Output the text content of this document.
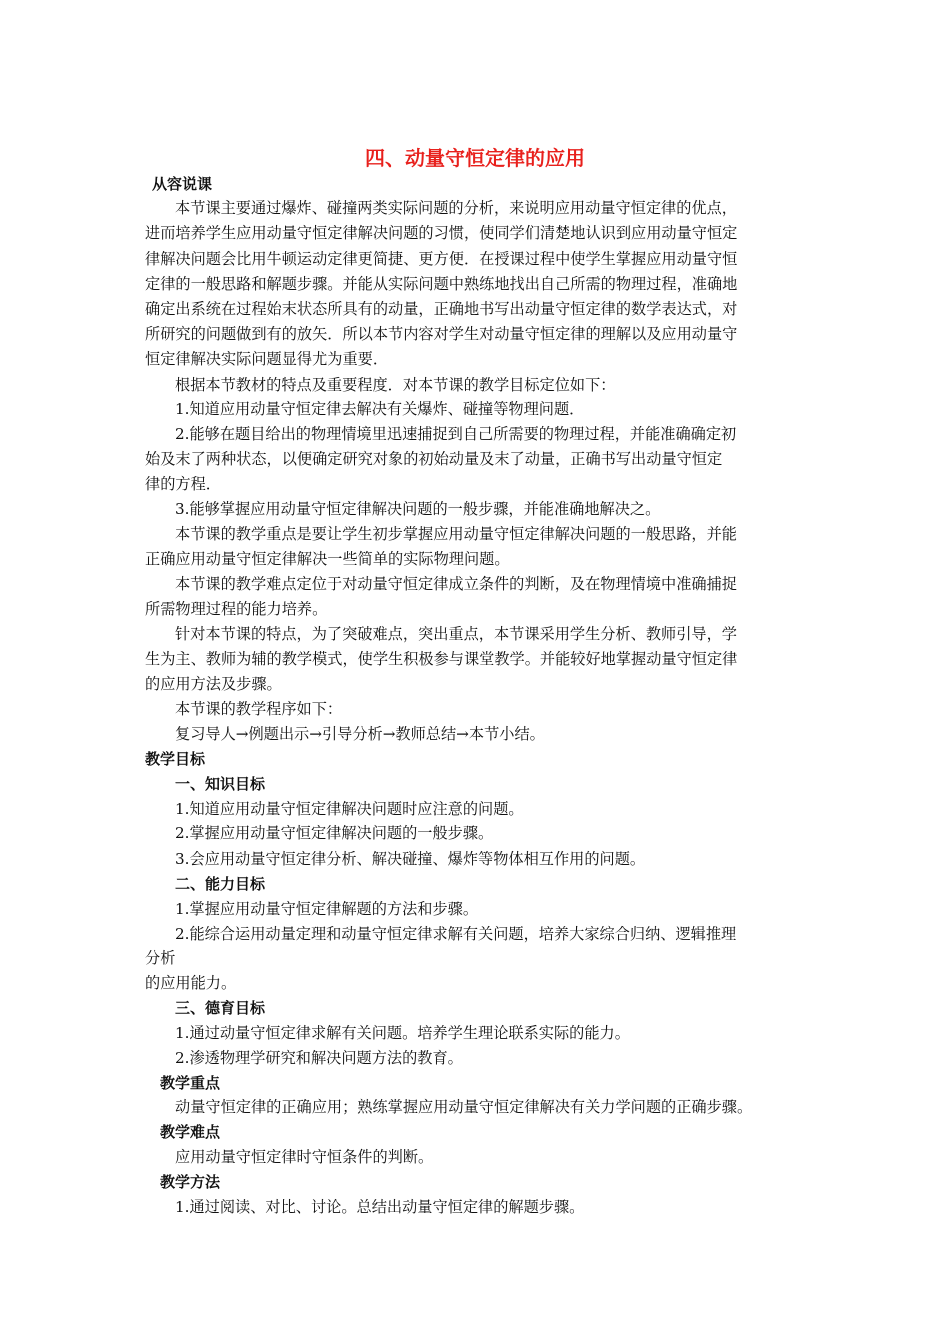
四、动量守恒定律的应用
从容说课
本节课主要通过爆炸、碰撞两类实际问题的分析，来说明应用动量守恒定律的优点，
进而培养学生应用动量守恒定律解决问题的习惯，使同学们清楚地认识到应用动量守恒定
律解决问题会比用牛顿运动定律更简捷、更方便．在授课过程中使学生掌握应用动量守恒
定律的一般思路和解题步骤。并能从实际问题中熟练地找出自己所需的物理过程，准确地
确定出系统在过程始末状态所具有的动量，正确地书写出动量守恒定律的数学表达式，对
所研究的问题做到有的放矢．所以本节内容对学生对动量守恒定律的理解以及应用动量守
恒定律解决实际问题显得尤为重要．
根据本节教材的特点及重要程度．对本节课的教学目标定位如下：
1.知道应用动量守恒定律去解决有关爆炸、碰撞等物理问题．
2.能够在题目给出的物理情境里迅速捕捉到自己所需要的物理过程，并能准确确定初
始及末了两种状态，以便确定研究对象的初始动量及末了动量，正确书写出动量守恒定
律的方程．
3.能够掌握应用动量守恒定律解决问题的一般步骤，并能准确地解决之。
本节课的教学重点是要让学生初步掌握应用动量守恒定律解决问题的一般思路，并能
正确应用动量守恒定律解决一些简单的实际物理问题。
本节课的教学难点定位于对动量守恒定律成立条件的判断，及在物理情境中准确捕捉
所需物理过程的能力培养。
针对本节课的特点，为了突破难点，突出重点，本节课采用学生分析、教师引导，学
生为主、教师为辅的教学模式，使学生积极参与课堂教学。并能较好地掌握动量守恒定律
的应用方法及步骤。
本节课的教学程序如下：
复习导人→例题出示→引导分析→教师总结→本节小结。
教学目标
一、知识目标
1.知道应用动量守恒定律解决问题时应注意的问题。
2.掌握应用动量守恒定律解决问题的一般步骤。
3.会应用动量守恒定律分析、解决碰撞、爆炸等物体相互作用的问题。
二、能力目标
1.掌握应用动量守恒定律解题的方法和步骤。
2.能综合运用动量定理和动量守恒定律求解有关问题，培养大家综合归纳、逻辑推理
分析
的应用能力。
三、德育目标
1.通过动量守恒定律求解有关问题。培养学生理论联系实际的能力。
2.渗透物理学研究和解决问题方法的教育。
教学重点
动量守恒定律的正确应用；熟练掌握应用动量守恒定律解决有关力学问题的正确步骤。
教学难点
应用动量守恒定律时守恒条件的判断。
教学方法
1.通过阅读、对比、讨论。总结出动量守恒定律的解题步骤。
